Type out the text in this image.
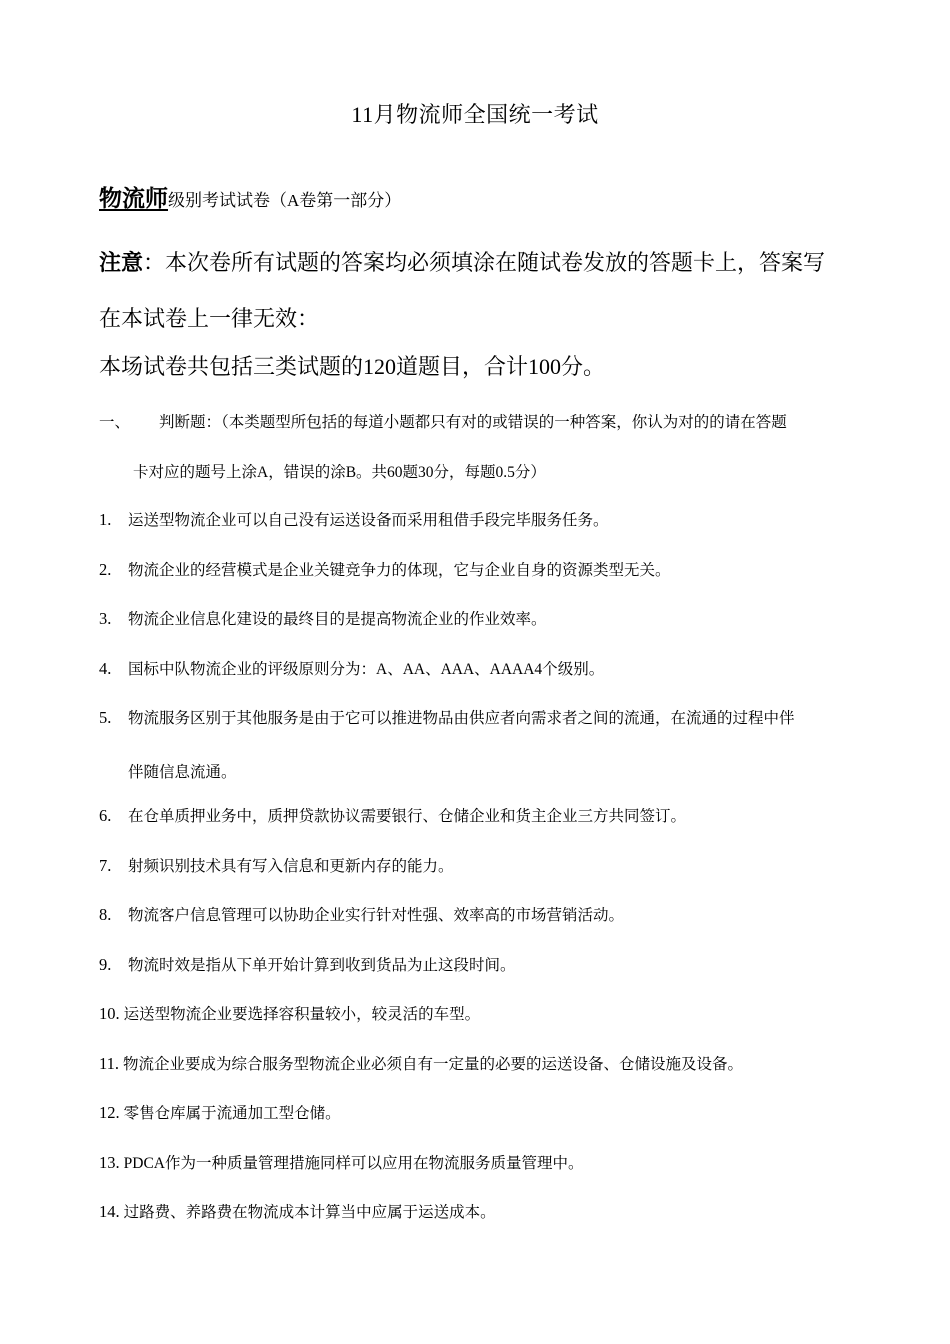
11月物流师全国统一考试
物流师级别考试试卷（A卷第一部分）
注意：本次卷所有试题的答案均必须填涂在随试卷发放的答题卡上，答案写
在本试卷上一律无效：
本场试卷共包括三类试题的120道题目，合计100分。
一、 判断题：（本类题型所包括的每道小题都只有对的或错误的一种答案，你认为对的的请在答题
卡对应的题号上涂A，错误的涂B。共60题30分，每题0.5分）
1. 运送型物流企业可以自己没有运送设备而采用租借手段完毕服务任务。
2. 物流企业的经营模式是企业关键竞争力的体现，它与企业自身的资源类型无关。
3. 物流企业信息化建设的最终目的是提高物流企业的作业效率。
4. 国标中队物流企业的评级原则分为：A、AA、AAA、AAAA4个级别。
5. 物流服务区别于其他服务是由于它可以推进物品由供应者向需求者之间的流通，在流通的过程中伴
伴随信息流通。
6. 在仓单质押业务中，质押贷款协议需要银行、仓储企业和货主企业三方共同签订。
7. 射频识别技术具有写入信息和更新内存的能力。
8. 物流客户信息管理可以协助企业实行针对性强、效率高的市场营销活动。
9. 物流时效是指从下单开始计算到收到货品为止这段时间。
10. 运送型物流企业要选择容积量较小，较灵活的车型。
11. 物流企业要成为综合服务型物流企业必须自有一定量的必要的运送设备、仓储设施及设备。
12. 零售仓库属于流通加工型仓储。
13. PDCA作为一种质量管理措施同样可以应用在物流服务质量管理中。
14. 过路费、养路费在物流成本计算当中应属于运送成本。
